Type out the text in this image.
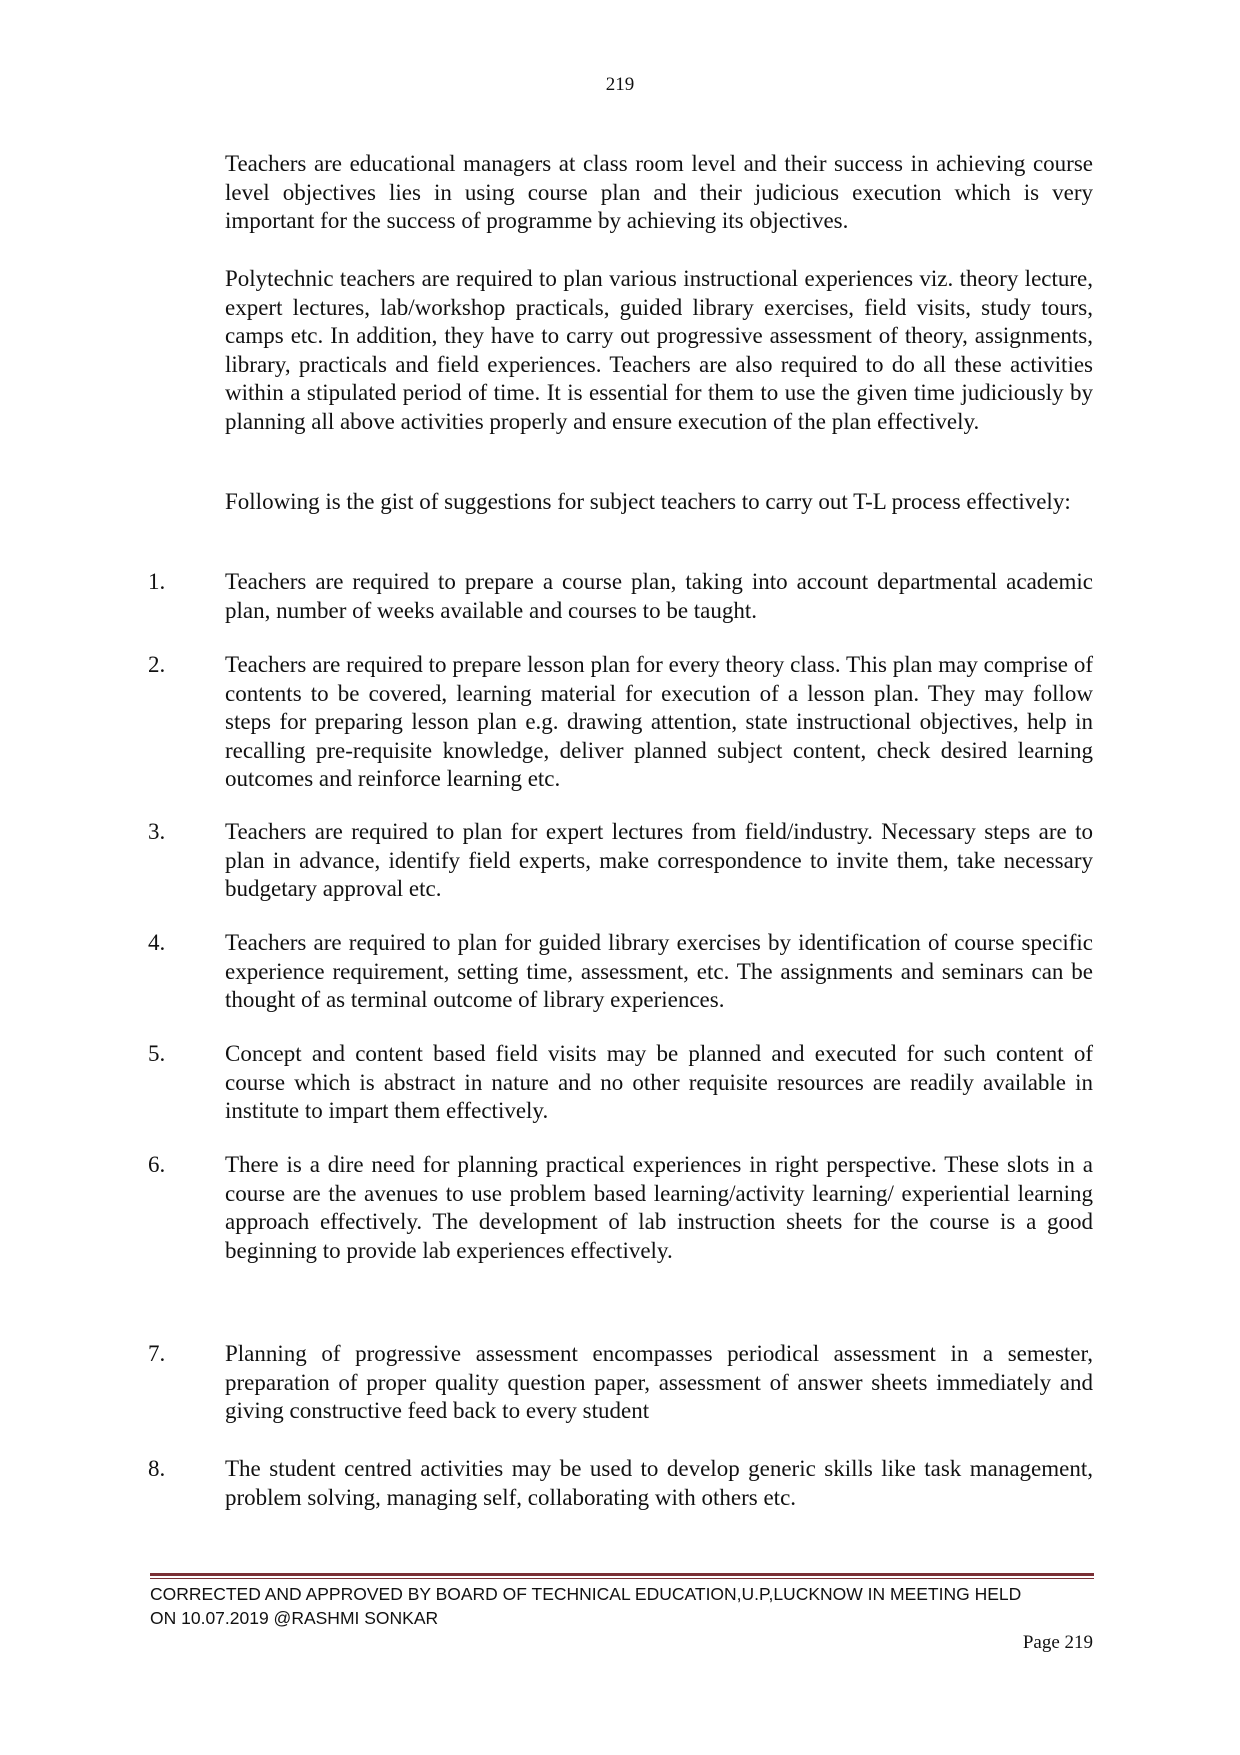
219

Teachers are educational managers at class room level and their success in achieving course level objectives lies in using course plan and their judicious execution which is very important for the success of programme by achieving its objectives.

Polytechnic teachers are required to plan various instructional experiences viz. theory lecture, expert lectures, lab/workshop practicals, guided library exercises, field visits, study tours, camps etc. In addition, they have to carry out progressive assessment of theory, assignments, library, practicals and field experiences. Teachers are also required to do all these activities within a stipulated period of time. It is essential for them to use the given time judiciously by planning all above activities properly and ensure execution of the plan effectively.

Following is the gist of suggestions for subject teachers to carry out T-L process effectively:

1.	Teachers are required to prepare a course plan, taking into account departmental academic plan, number of weeks available and courses to be taught.

2.	Teachers are required to prepare lesson plan for every theory class. This plan may comprise of contents to be covered, learning material for execution of a lesson plan. They may follow steps for preparing lesson plan e.g. drawing attention, state instructional objectives, help in recalling pre-requisite knowledge, deliver planned subject content, check desired learning outcomes and reinforce learning etc.

3.	Teachers are required to plan for expert lectures from field/industry. Necessary steps are to plan in advance, identify field experts, make correspondence to invite them, take necessary budgetary approval etc.

4.	Teachers are required to plan for guided library exercises by identification of course specific experience requirement, setting time, assessment, etc. The assignments and seminars can be thought of as terminal outcome of library experiences.

5.	Concept and content based field visits may be planned and executed for such content of course which is abstract in nature and no other requisite resources are readily available in institute to impart them effectively.

6.	There is a dire need for planning practical experiences in right perspective. These slots in a course are the avenues to use problem based learning/activity learning/ experiential learning approach effectively. The development of lab instruction sheets for the course is a good beginning to provide lab experiences effectively.

7.	Planning of progressive assessment encompasses periodical assessment in a semester, preparation of proper quality question paper, assessment of answer sheets immediately and giving constructive feed back to every student

8.	The student centred activities may be used to develop generic skills like task management, problem solving, managing self, collaborating with others etc.

CORRECTED AND APPROVED BY BOARD OF TECHNICAL EDUCATION,U.P,LUCKNOW IN MEETING HELD
ON 10.07.2019 @RASHMI SONKAR

Page 219
